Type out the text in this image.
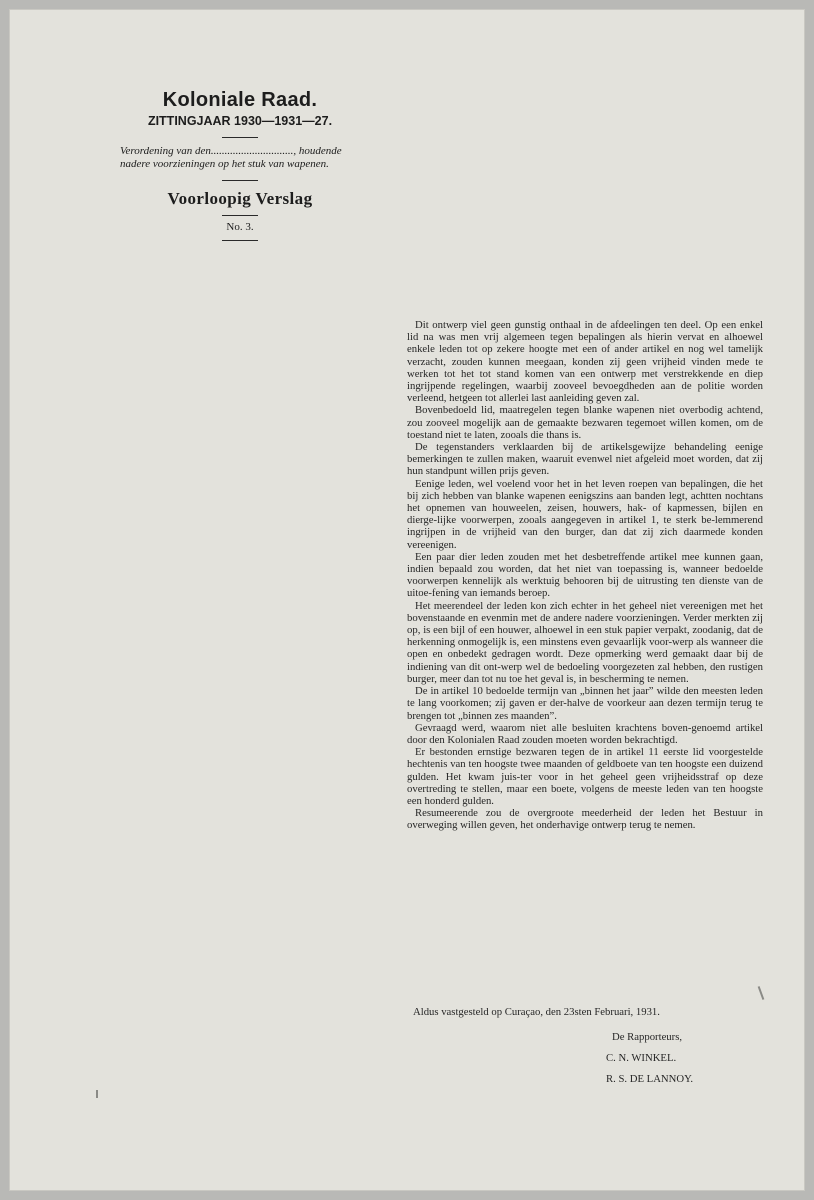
Koloniale Raad.
ZITTINGJAAR 1930—1931—27.
Verordening van den.............................., houdende nadere voorzieningen op het stuk van wapenen.
Voorloopig Verslag
No. 3.

Dit ontwerp viel geen gunstig onthaal in de afdeelingen ten deel. Op een enkel lid na was men vrij algemeen tegen bepalingen als hierin vervat en alhoewel enkele leden tot op zekere hoogte met een of ander artikel en nog wel tamelijk verzacht, zouden kunnen meegaan, konden zij geen vrijheid vinden mede te werken tot het tot stand komen van een ontwerp met verstrekkende en diep ingrijpende regelingen, waarbij zooveel bevoegdheden aan de politie worden verleend, hetgeen tot allerlei last aanleiding geven zal.

Bovenbedoeld lid, maatregelen tegen blanke wapenen niet overbodig achtend, zou zooveel mogelijk aan de gemaakte bezwaren tegemoet willen komen, om de toestand niet te laten, zooals die thans is.

De tegenstanders verklaarden bij de artikelsgewijze behandeling eenige bemerkingen te zullen maken, waaruit evenwel niet afgeleid moet worden, dat zij hun standpunt willen prijs geven.

Eenige leden, wel voelend voor het in het leven roepen van bepalingen, die het bij zich hebben van blanke wapenen eenigszins aan banden legt, achtten nochtans het opnemen van houweelen, zeisen, houwers, hak- of kapmessen, bijlen en dierge-lijke voorwerpen, zooals aangegeven in artikel 1, te sterk be-lemmerend ingrijpen in de vrijheid van den burger, dan dat zij zich daarmede konden vereenigen.

Een paar dier leden zouden met het desbetreffende artikel mee kunnen gaan, indien bepaald zou worden, dat het niet van toepassing is, wanneer bedoelde voorwerpen kennelijk als werktuig behooren bij de uitrusting ten dienste van de uitoe-fening van iemands beroep.

Het meerendeel der leden kon zich echter in het geheel niet vereenigen met het bovenstaande en evenmin met de andere nadere voorzieningen. Verder merkten zij op, is een bijl of een houwer, alhoewel in een stuk papier verpakt, zoodanig, dat de herkenning onmogelijk is, een minstens even gevaarlijk voor-werp als wanneer die open en onbedekt gedragen wordt. Deze opmerking werd gemaakt daar bij de indiening van dit ont-werp wel de bedoeling voorgezeten zal hebben, den rustigen burger, meer dan tot nu toe het geval is, in bescherming te nemen.

De in artikel 10 bedoelde termijn van „binnen het jaar” wilde den meesten leden te lang voorkomen; zij gaven er der-halve de voorkeur aan dezen termijn terug te brengen tot „binnen zes maanden”.

Gevraagd werd, waarom niet alle besluiten krachtens boven-genoemd artikel door den Kolonialen Raad zouden moeten worden bekrachtigd.

Er bestonden ernstige bezwaren tegen de in artikel 11 eerste lid voorgestelde hechtenis van ten hoogste twee maanden of geldboete van ten hoogste een duizend gulden. Het kwam juis-ter voor in het geheel geen vrijheidsstraf op deze overtreding te stellen, maar een boete, volgens de meeste leden van ten hoogste een honderd gulden.

Resumeerende zou de overgroote meederheid der leden het Bestuur in overweging willen geven, het onderhavige ontwerp terug te nemen.

Aldus vastgesteld op Curaçao, den 23sten Februari, 1931.

De Rapporteurs,

C. N. WINKEL.

R. S. DE LANNOY.
